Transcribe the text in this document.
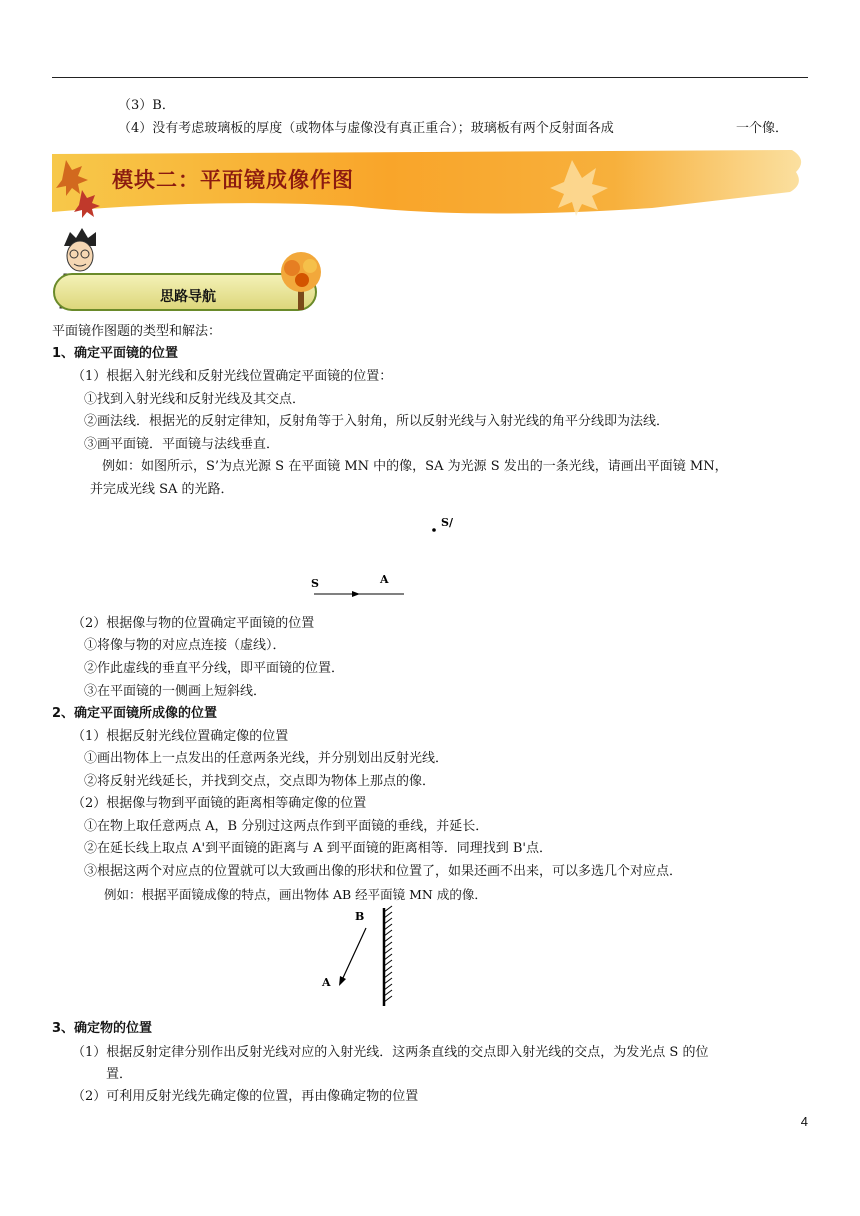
（3）B．
（4）没有考虑玻璃板的厚度（或物体与虚像没有真正重合）；玻璃板有两个反射面各成	一个像．
模块二：平面镜成像作图
思路导航
平面镜作图题的类型和解法：
1、确定平面镜的位置
（1）根据入射光线和反射光线位置确定平面镜的位置：
①找到入射光线和反射光线及其交点．
②画法线．根据光的反射定律知，反射角等于入射角，所以反射光线与入射光线的角平分线即为法线．
③画平面镜．平面镜与法线垂直．
例如：如图所示，S’为点光源 S 在平面镜 MN 中的像，SA 为光源 S 发出的一条光线，请画出平面镜 MN，
并完成光线 SA 的光路．
S/
S	A
（2）根据像与物的位置确定平面镜的位置
①将像与物的对应点连接（虚线）．
②作此虚线的垂直平分线，即平面镜的位置．
③在平面镜的一侧画上短斜线．
2、确定平面镜所成像的位置
（1）根据反射光线位置确定像的位置
①画出物体上一点发出的任意两条光线，并分别划出反射光线．
②将反射光线延长，并找到交点，交点即为物体上那点的像．
（2）根据像与物到平面镜的距离相等确定像的位置
①在物上取任意两点 A，B 分别过这两点作到平面镜的垂线，并延长．
②在延长线上取点 A'到平面镜的距离与 A 到平面镜的距离相等．同理找到 B'点．
③根据这两个对应点的位置就可以大致画出像的形状和位置了，如果还画不出来，可以多选几个对应点．
例如：根据平面镜成像的特点，画出物体 AB 经平面镜 MN 成的像．
B
A
3、确定物的位置
（1）根据反射定律分别作出反射光线对应的入射光线．这两条直线的交点即入射光线的交点，为发光点 S 的位
置．
（2）可利用反射光线先确定像的位置，再由像确定物的位置
4
